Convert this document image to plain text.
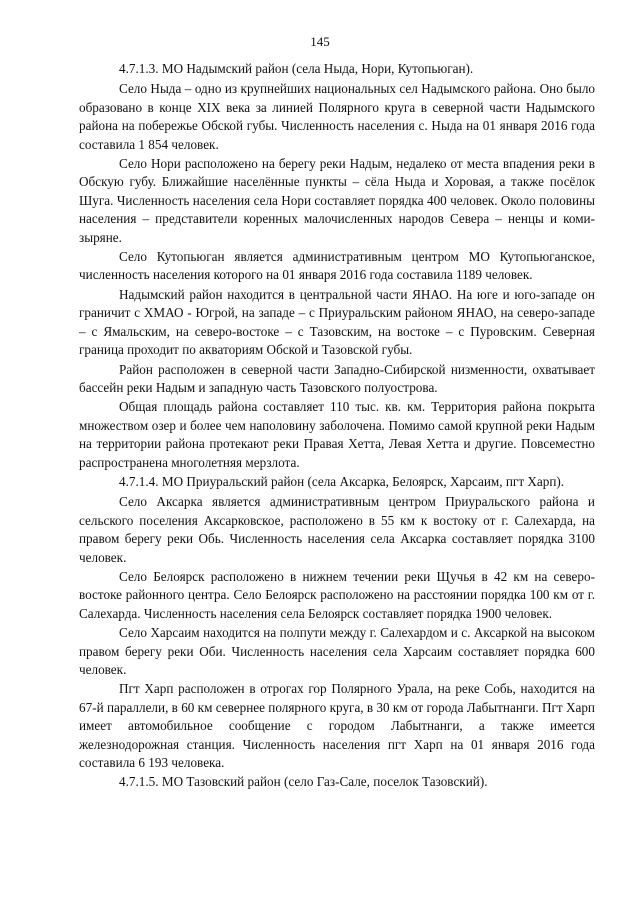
145

4.7.1.3. МО Надымский район (села Ныда, Нори, Кутопьюган).

Село Ныда – одно из крупнейших национальных сел Надымского района. Оно было образовано в конце XIX века за линией Полярного круга в северной части Надымского района на побережье Обской губы. Численность населения с. Ныда на 01 января 2016 года составила 1 854 человек.

Село Нори расположено на берегу реки Надым, недалеко от места впадения реки в Обскую губу. Ближайшие населённые пункты – сёла Ныда и Хоровая, а также посёлок Шуга. Численность населения села Нори составляет порядка 400 человек. Около половины населения – представители коренных малочисленных народов Севера – ненцы и коми-зыряне.

Село Кутопьюган является административным центром МО Кутопьюганское, численность населения которого на 01 января 2016 года составила 1189 человек.

Надымский район находится в центральной части ЯНАО. На юге и юго-западе он граничит с ХМАО - Югрой, на западе – с Приуральским районом ЯНАО, на северо-западе – с Ямальским, на северо-востоке – с Тазовским, на востоке – с Пуровским. Северная граница проходит по акваториям Обской и Тазовской губы.

Район расположен в северной части Западно-Сибирской низменности, охватывает бассейн реки Надым и западную часть Тазовского полуострова.

Общая площадь района составляет 110 тыс. кв. км. Территория района покрыта множеством озер и более чем наполовину заболочена. Помимо самой крупной реки Надым на территории района протекают реки Правая Хетта, Левая Хетта и другие. Повсеместно распространена многолетняя мерзлота.

4.7.1.4. МО Приуральский район (села Аксарка, Белоярск, Харсаим, пгт Харп).

Село Аксарка является административным центром Приуральского района и сельского поселения Аксарковское, расположено в 55 км к востоку от г. Салехарда, на правом берегу реки Обь. Численность населения села Аксарка составляет порядка 3100 человек.

Село Белоярск расположено в нижнем течении реки Щучья в 42 км на северо-востоке районного центра. Село Белоярск расположено на расстоянии порядка 100 км от г. Салехарда. Численность населения села Белоярск составляет порядка 1900 человек.

Село Харсаим находится на полпути между г. Салехардом и с. Аксаркой на высоком правом берегу реки Оби. Численность населения села Харсаим составляет порядка 600 человек.

Пгт Харп расположен в отрогах гор Полярного Урала, на реке Собь, находится на 67-й параллели, в 60 км севернее полярного круга, в 30 км от города Лабытнанги. Пгт Харп имеет автомобильное сообщение с городом Лабытнанги, а также имеется железнодорожная станция. Численность населения пгт Харп на 01 января 2016 года составила 6 193 человека.

4.7.1.5. МО Тазовский район (село Газ-Сале, поселок Тазовский).
